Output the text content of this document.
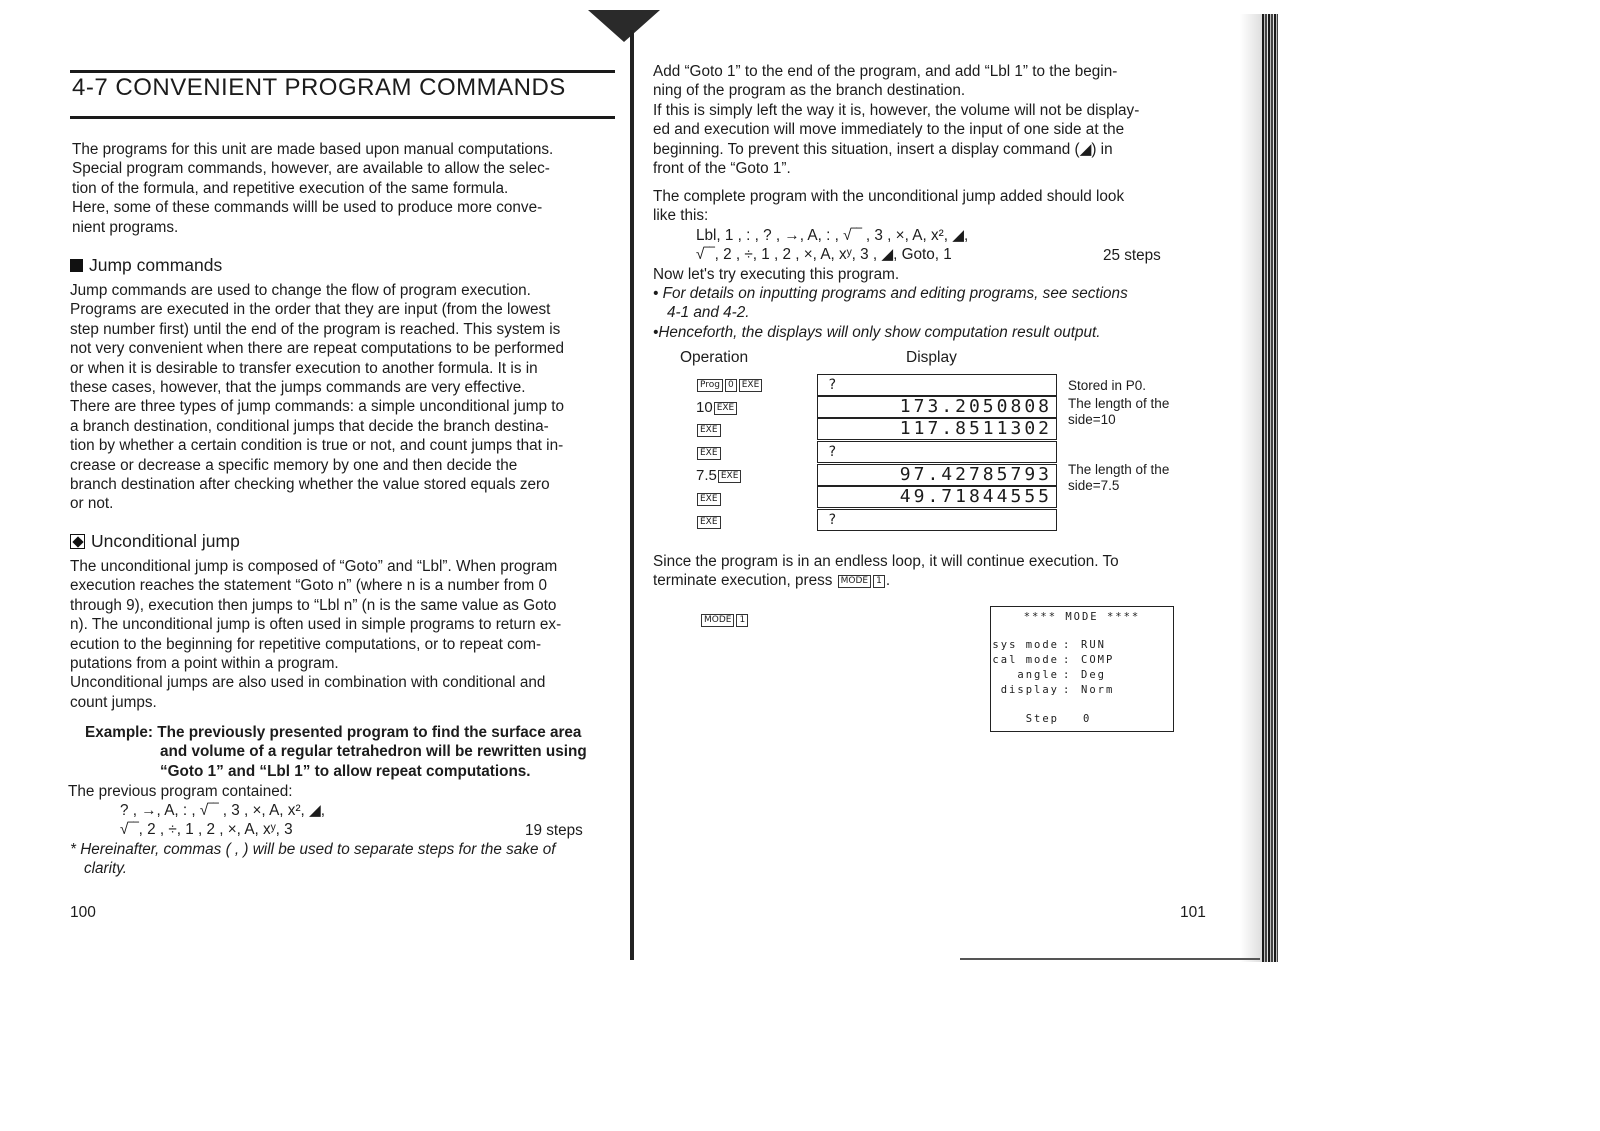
4-7 CONVENIENT PROGRAM COMMANDS

The programs for this unit are made based upon manual computations.

Special program commands, however, are available to allow the selec-

tion of the formula, and repetitive execution of the same formula.

Here, some of these commands willl be used to produce more conve-

nient programs.

Jump commands

Jump commands are used to change the flow of program execution.

Programs are executed in the order that they are input (from the lowest

step number first) until the end of the program is reached. This system is

not very convenient when there are repeat computations to be performed

or when it is desirable to transfer execution to another formula. It is in

these cases, however, that the jumps commands are very effective.

There are three types of jump commands: a simple unconditional jump to

a branch destination, conditional jumps that decide the branch destina-

tion by whether a certain condition is true or not, and count jumps that in-

crease or decrease a specific memory by one and then decide the

branch destination after checking whether the value stored equals zero

or not.

Unconditional jump

The unconditional jump is composed of “Goto” and “Lbl”. When program

execution reaches the statement “Goto n” (where n is a number from 0

through 9), execution then jumps to “Lbl n” (n is the same value as Goto

n). The unconditional jump is often used in simple programs to return ex-

ecution to the beginning for repetitive computations, or to repeat com-

putations from a point within a program.

Unconditional jumps are also used in combination with conditional and

count jumps.

Example: The previously presented program to find the surface area

and volume of a regular tetrahedron will be rewritten using

“Goto 1” and “Lbl 1” to allow repeat computations.

The previous program contained:

? , →, A, : , √‾‾ , 3 , ×, A, x², ◢,

√‾‾, 2 , ÷, 1 , 2 , ×, A, xʸ, 3	19 steps

* Hereinafter, commas ( , ) will be used to separate steps for the sake of

clarity.

100

Add “Goto 1” to the end of the program, and add “Lbl 1” to the begin-

ning of the program as the branch destination.

If this is simply left the way it is, however, the volume will not be display-

ed and execution will move immediately to the input of one side at the

beginning. To prevent this situation, insert a display command (◢) in

front of the “Goto 1”.

The complete program with the unconditional jump added should look

like this:

Lbl, 1 , : , ? , →, A, : , √‾‾ , 3 , ×, A, x², ◢,

√‾‾, 2 , ÷, 1 , 2 , ×, A, xʸ, 3 , ◢, Goto, 1	25 steps

Now let's try executing this program.

• For details on inputting programs and editing programs, see sections

4-1 and 4-2.

•Henceforth, the displays will only show computation result output.

Operation	Display
Prog 0 EXE	?	Stored in P0.
10 EXE	173.2050808	The length of the side=10
EXE	117.8511302
EXE	?
7.5 EXE	97.42785793	The length of the side=7.5
EXE	49.71844555
EXE	?

Since the program is in an endless loop, it will continue execution. To

terminate execution, press MODE 1 .

MODE 1	**** MODE ****
sys mode : RUN
cal mode : COMP
angle : Deg
display : Norm
Step 0
101
